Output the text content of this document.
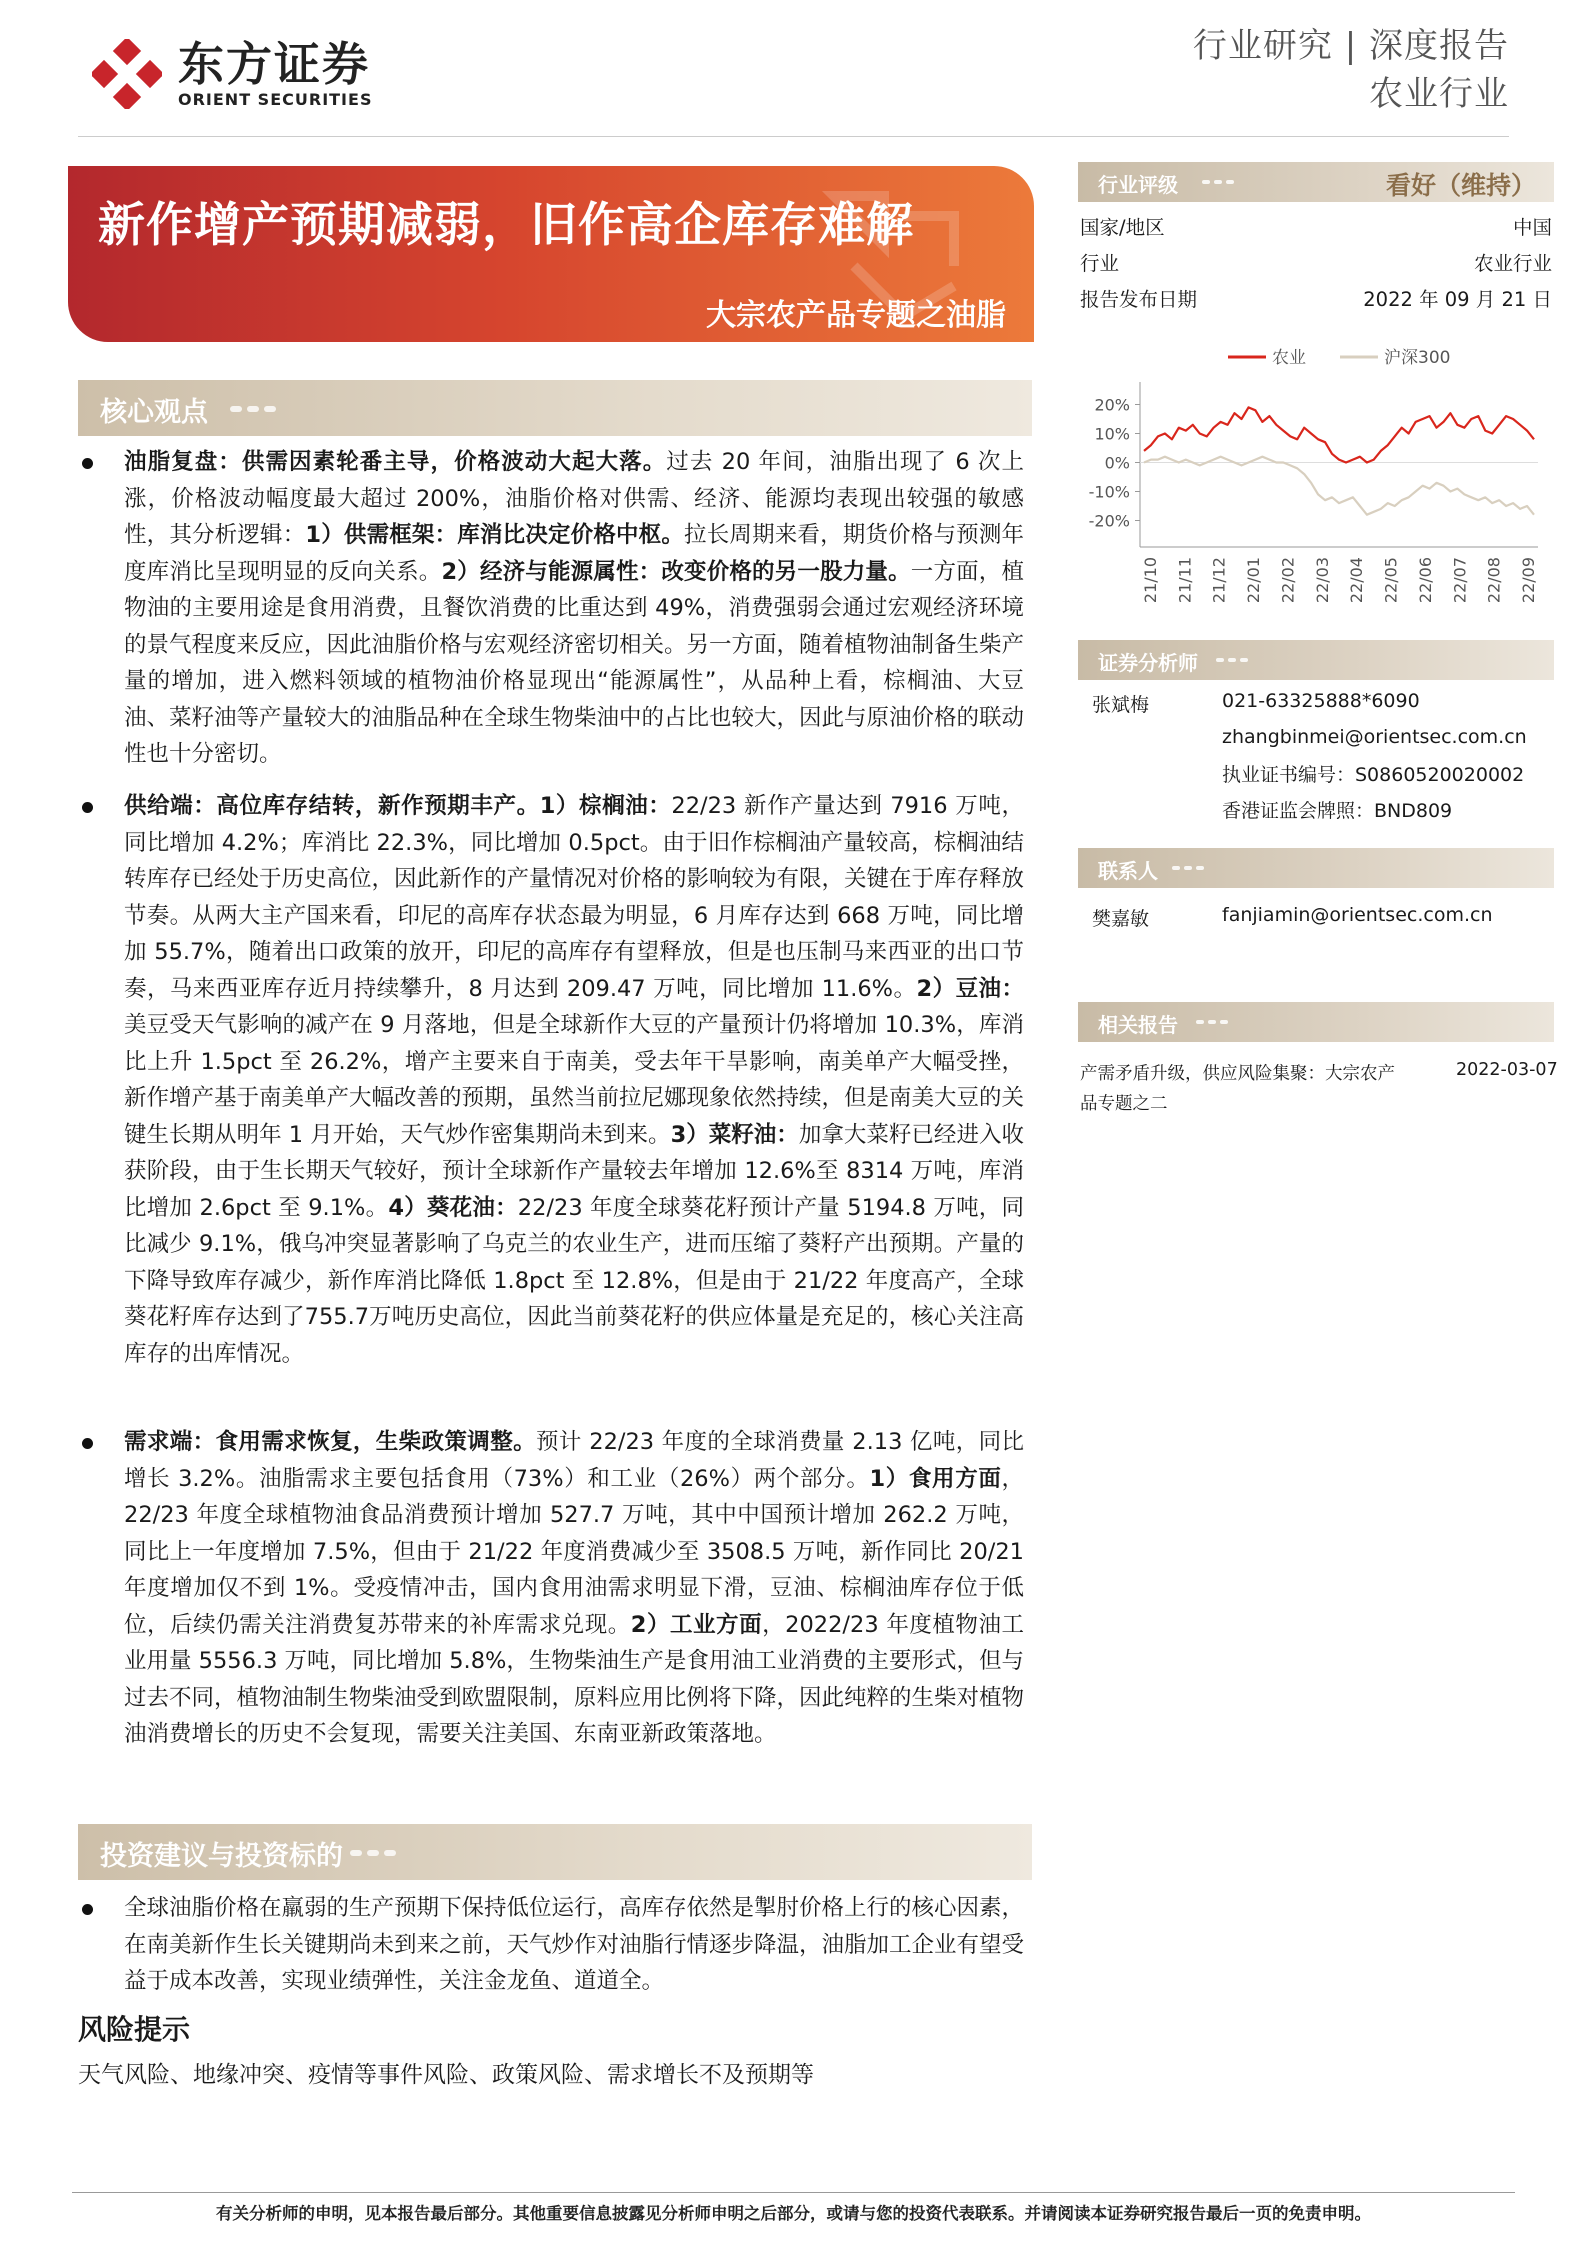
东方证券
ORIENT SECURITIES
行业研究 | 深度报告
农业行业
新作增产预期减弱，旧作高企库存难解
大宗农产品专题之油脂
核心观点
油脂复盘：供需因素轮番主导，价格波动大起大落。过去 20 年间，油脂出现了 6 次上涨，价格波动幅度最大超过 200%，油脂价格对供需、经济、能源均表现出较强的敏感性，其分析逻辑：1）供需框架：库消比决定价格中枢。拉长周期来看，期货价格与预测年度库消比呈现明显的反向关系。2）经济与能源属性：改变价格的另一股力量。一方面，植物油的主要用途是食用消费，且餐饮消费的比重达到 49%，消费强弱会通过宏观经济环境的景气程度来反应，因此油脂价格与宏观经济密切相关。另一方面，随着植物油制备生柴产量的增加，进入燃料领域的植物油价格显现出“能源属性”，从品种上看，棕榈油、大豆油、菜籽油等产量较大的油脂品种在全球生物柴油中的占比也较大，因此与原油价格的联动性也十分密切。
供给端：高位库存结转，新作预期丰产。1）棕榈油：22/23 新作产量达到 7916 万吨，同比增加 4.2%；库消比 22.3%，同比增加 0.5pct。由于旧作棕榈油产量较高，棕榈油结转库存已经处于历史高位，因此新作的产量情况对价格的影响较为有限，关键在于库存释放节奏。从两大主产国来看，印尼的高库存状态最为明显，6 月库存达到 668 万吨，同比增加 55.7%，随着出口政策的放开，印尼的高库存有望释放，但是也压制马来西亚的出口节奏，马来西亚库存近月持续攀升，8 月达到 209.47 万吨，同比增加 11.6%。2）豆油：美豆受天气影响的减产在 9 月落地，但是全球新作大豆的产量预计仍将增加 10.3%，库消比上升 1.5pct 至 26.2%，增产主要来自于南美，受去年干旱影响，南美单产大幅受挫，新作增产基于南美单产大幅改善的预期，虽然当前拉尼娜现象依然持续，但是南美大豆的关键生长期从明年 1 月开始，天气炒作密集期尚未到来。3）菜籽油：加拿大菜籽已经进入收获阶段，由于生长期天气较好，预计全球新作产量较去年增加 12.6%至 8314 万吨，库消比增加 2.6pct 至 9.1%。4）葵花油：22/23 年度全球葵花籽预计产量 5194.8 万吨，同比减少 9.1%，俄乌冲突显著影响了乌克兰的农业生产，进而压缩了葵籽产出预期。产量的下降导致库存减少，新作库消比降低 1.8pct 至 12.8%，但是由于 21/22 年度高产，全球葵花籽库存达到了755.7万吨历史高位，因此当前葵花籽的供应体量是充足的，核心关注高库存的出库情况。
需求端：食用需求恢复，生柴政策调整。预计 22/23 年度的全球消费量 2.13 亿吨，同比增长 3.2%。油脂需求主要包括食用（73%）和工业（26%）两个部分。1）食用方面，22/23 年度全球植物油食品消费预计增加 527.7 万吨，其中中国预计增加 262.2 万吨，同比上一年度增加 7.5%，但由于 21/22 年度消费减少至 3508.5 万吨，新作同比 20/21 年度增加仅不到 1%。受疫情冲击，国内食用油需求明显下滑，豆油、棕榈油库存位于低位，后续仍需关注消费复苏带来的补库需求兑现。2）工业方面，2022/23 年度植物油工业用量 5556.3 万吨，同比增加 5.8%，生物柴油生产是食用油工业消费的主要形式，但与过去不同，植物油制生物柴油受到欧盟限制，原料应用比例将下降，因此纯粹的生柴对植物油消费增长的历史不会复现，需要关注美国、东南亚新政策落地。
投资建议与投资标的
全球油脂价格在羸弱的生产预期下保持低位运行，高库存依然是掣肘价格上行的核心因素，在南美新作生长关键期尚未到来之前，天气炒作对油脂行情逐步降温，油脂加工企业有望受益于成本改善，实现业绩弹性，关注金龙鱼、道道全。
风险提示
天气风险、地缘冲突、疫情等事件风险、政策风险、需求增长不及预期等
行业评级	看好（维持）
国家/地区	中国
行业	农业行业
报告发布日期	2022 年 09 月 21 日
农业	沪深300
20%
10%
0%
-10%
-20%
21/10 21/11 21/12 22/01 22/02 22/03 22/04 22/05 22/06 22/07 22/08 22/09
证券分析师
张斌梅	021-63325888*6090
zhangbinmei@orientsec.com.cn
执业证书编号：S0860520020002
香港证监会牌照：BND809
联系人
樊嘉敏	fanjiamin@orientsec.com.cn
相关报告
产需矛盾升级，供应风险集聚：大宗农产
品专题之二
2022-03-07
有关分析师的申明，见本报告最后部分。其他重要信息披露见分析师申明之后部分，或请与您的投资代表联系。并请阅读本证券研究报告最后一页的免责申明。
